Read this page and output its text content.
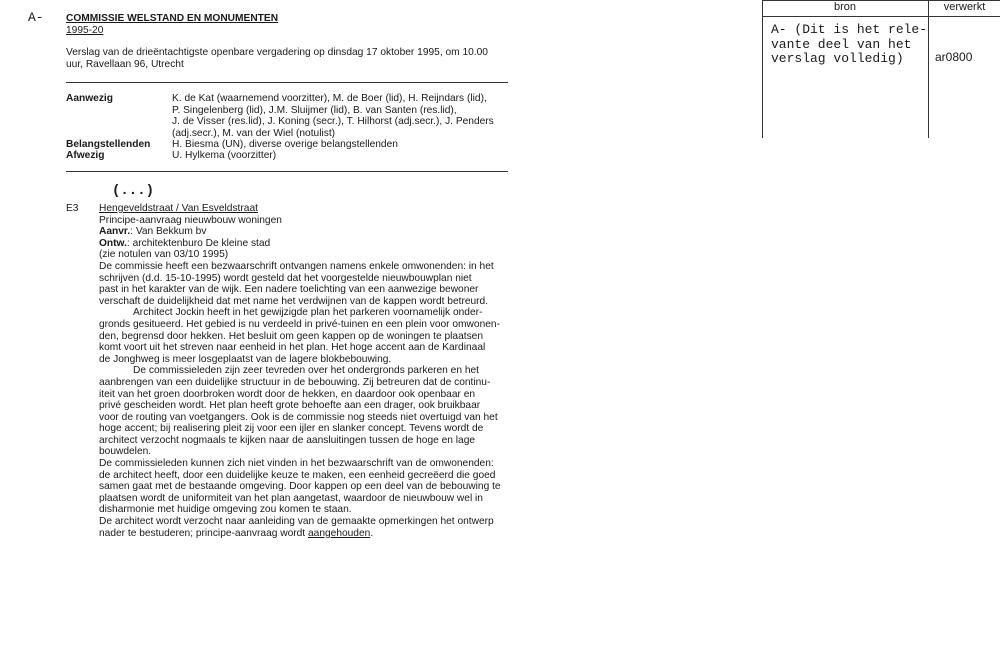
A- COMMISSIE WELSTAND EN MONUMENTEN
1995-20
Verslag van de drieëntachtigste openbare vergadering op dinsdag 17 oktober 1995, om 10.00
uur, Ravellaan 96, Utrecht
Aanwezig	K. de Kat (waarnemend voorzitter), M. de Boer (lid), H. Reijndars (lid),
P. Singelenberg (lid), J.M. Sluijmer (lid), B. van Santen (res.lid),
J. de Visser (res.lid), J. Koning (secr.), T. Hilhorst (adj.secr.), J. Penders
(adj.secr.), M. van der Wiel (notulist)
Belangstellenden H. Biesma (UN), diverse overige belangstellenden
Afwezig	U. Hylkema (voorzitter)
(...)
E3 Hengeveldstraat / Van Esveldstraat
Principe-aanvraag nieuwbouw woningen
Aanvr.: Van Bekkum bv
Ontw.: architektenburo De kleine stad
(zie notulen van 03/10 1995)
De commissie heeft een bezwaarschrift ontvangen namens enkele omwonenden: in het
schrijven (d.d. 15-10-1995) wordt gesteld dat het voorgestelde nieuwbouwplan niet
past in het karakter van de wijk. Een nadere toelichting van een aanwezige bewoner
verschaft de duidelijkheid dat met name het verdwijnen van de kappen wordt betreurd.
Architect Jockin heeft in het gewijzigde plan het parkeren voornamelijk onder-
gronds gesitueerd. Het gebied is nu verdeeld in privé-tuinen en een plein voor omwonen-
den, begrensd door hekken. Het besluit om geen kappen op de woningen te plaatsen
komt voort uit het streven naar eenheid in het plan. Het hoge accent aan de Kardinaal
de Jonghweg is meer losgeplaatst van de lagere blokbebouwing.
De commissieleden zijn zeer tevreden over het ondergronds parkeren en het
aanbrengen van een duidelijke structuur in de bebouwing. Zij betreuren dat de continu-
iteit van het groen doorbroken wordt door de hekken, en daardoor ook openbaar en
privé gescheiden wordt. Het plan heeft grote behoefte aan een drager, ook bruikbaar
voor de routing van voetgangers. Ook is de commissie nog steeds niet overtuigd van het
hoge accent; bij realisering pleit zij voor een ijler en slanker concept. Tevens wordt de
architect verzocht nogmaals te kijken naar de aansluitingen tussen de hoge en lage
bouwdelen.
De commissieleden kunnen zich niet vinden in het bezwaarschrift van de omwonenden:
de architect heeft, door een duidelijke keuze te maken, een eenheid gecreëerd die goed
samen gaat met de bestaande omgeving. Door kappen op een deel van de bebouwing te
plaatsen wordt de uniformiteit van het plan aangetast, waardoor de nieuwbouw wel in
disharmonie met huidige omgeving zou komen te staan.
De architect wordt verzocht naar aanleiding van de gemaakte opmerkingen het ontwerp
nader te bestuderen; principe-aanvraag wordt aangehouden.
bron	verwerkt
A- (Dit is het rele-
vante deel van het
verslag volledig)	ar0800
